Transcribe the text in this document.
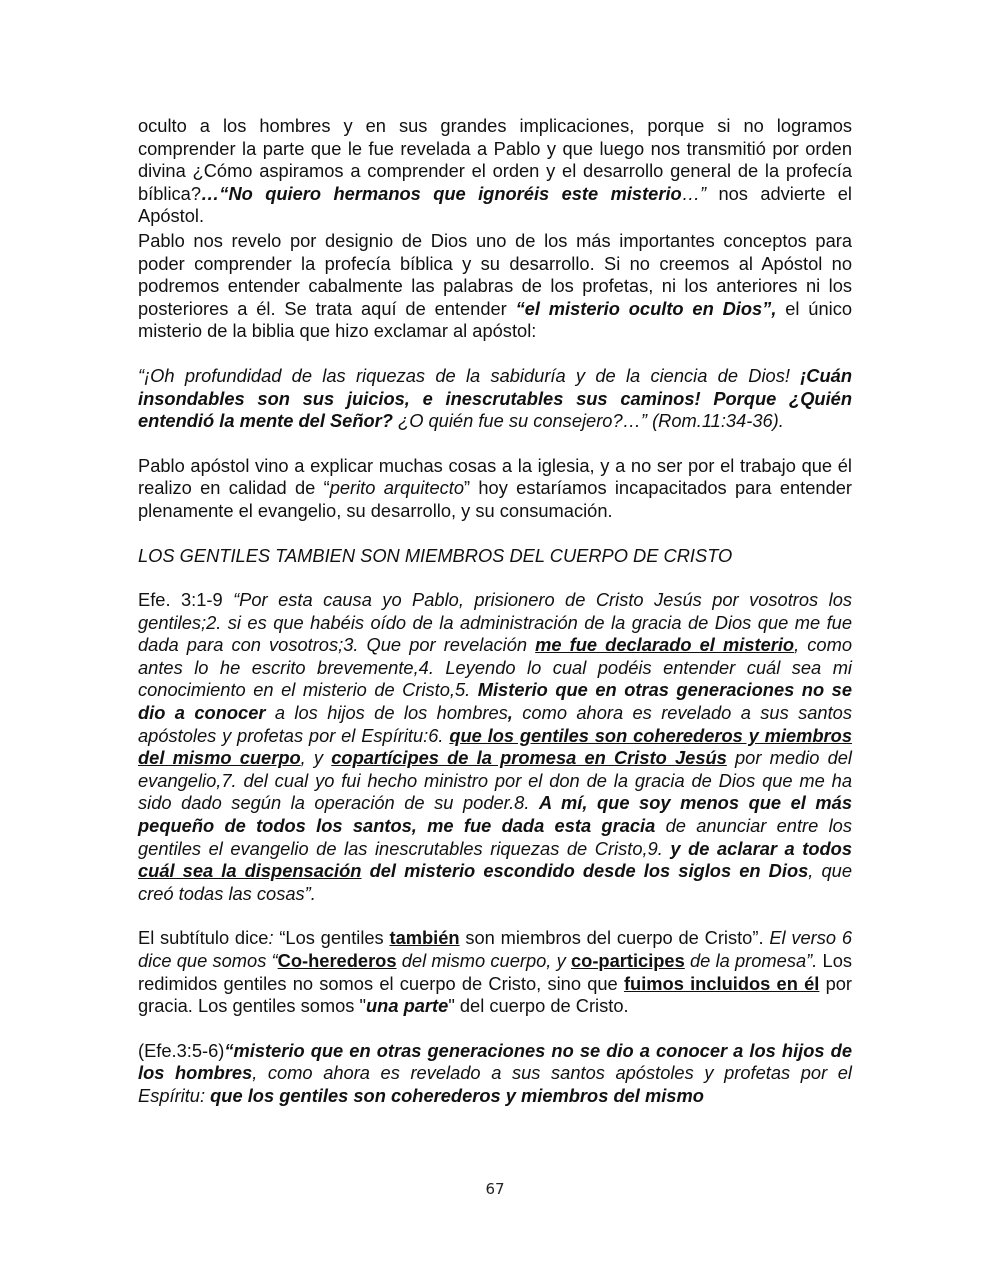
oculto a los hombres y en sus grandes implicaciones, porque si no logramos comprender la parte que le fue revelada a Pablo y que luego nos transmitió por orden divina ¿Cómo aspiramos a comprender el orden y el desarrollo general de la profecía bíblica?…“No quiero hermanos que ignoréis este misterio…” nos advierte el Apóstol.

Pablo nos revelo por designio de Dios uno de los más importantes conceptos para poder comprender la profecía bíblica y su desarrollo. Si no creemos al Apóstol no podremos entender cabalmente las palabras de los profetas, ni los anteriores ni los posteriores a él. Se trata aquí de entender “el misterio oculto en Dios”, el único misterio de la biblia que hizo exclamar al apóstol:

“¡Oh profundidad de las riquezas de la sabiduría y de la ciencia de Dios! ¡Cuán insondables son sus juicios, e inescrutables sus caminos! Porque ¿Quién entendió la mente del Señor? ¿O quién fue su consejero?…” (Rom.11:34-36).

Pablo apóstol vino a explicar muchas cosas a la iglesia, y a no ser por el trabajo que él realizo en calidad de “perito arquitecto” hoy estaríamos incapacitados para entender plenamente el evangelio, su desarrollo, y su consumación.

LOS GENTILES TAMBIEN SON MIEMBROS DEL CUERPO DE CRISTO

Efe. 3:1-9 “Por esta causa yo Pablo, prisionero de Cristo Jesús por vosotros los gentiles;2. si es que habéis oído de la administración de la gracia de Dios que me fue dada para con vosotros;3. Que por revelación me fue declarado el misterio, como antes lo he escrito brevemente,4. Leyendo lo cual podéis entender cuál sea mi conocimiento en el misterio de Cristo,5. Misterio que en otras generaciones no se dio a conocer a los hijos de los hombres, como ahora es revelado a sus santos apóstoles y profetas por el Espíritu:6. que los gentiles son coherederos y miembros del mismo cuerpo, y copartícipes de la promesa en Cristo Jesús por medio del evangelio,7. del cual yo fui hecho ministro por el don de la gracia de Dios que me ha sido dado según la operación de su poder.8. A mí, que soy menos que el más pequeño de todos los santos, me fue dada esta gracia de anunciar entre los gentiles el evangelio de las inescrutables riquezas de Cristo,9. y de aclarar a todos cuál sea la dispensación del misterio escondido desde los siglos en Dios, que creó todas las cosas”.

El subtítulo dice: “Los gentiles también son miembros del cuerpo de Cristo”. El verso 6 dice que somos “Co-herederos del mismo cuerpo, y co-participes de la promesa”. Los redimidos gentiles no somos el cuerpo de Cristo, sino que fuimos incluidos en él por gracia. Los gentiles somos "una parte" del cuerpo de Cristo.

(Efe.3:5-6)“misterio que en otras generaciones no se dio a conocer a los hijos de los hombres, como ahora es revelado a sus santos apóstoles y profetas por el Espíritu: que los gentiles son coherederos y miembros del mismo

67
